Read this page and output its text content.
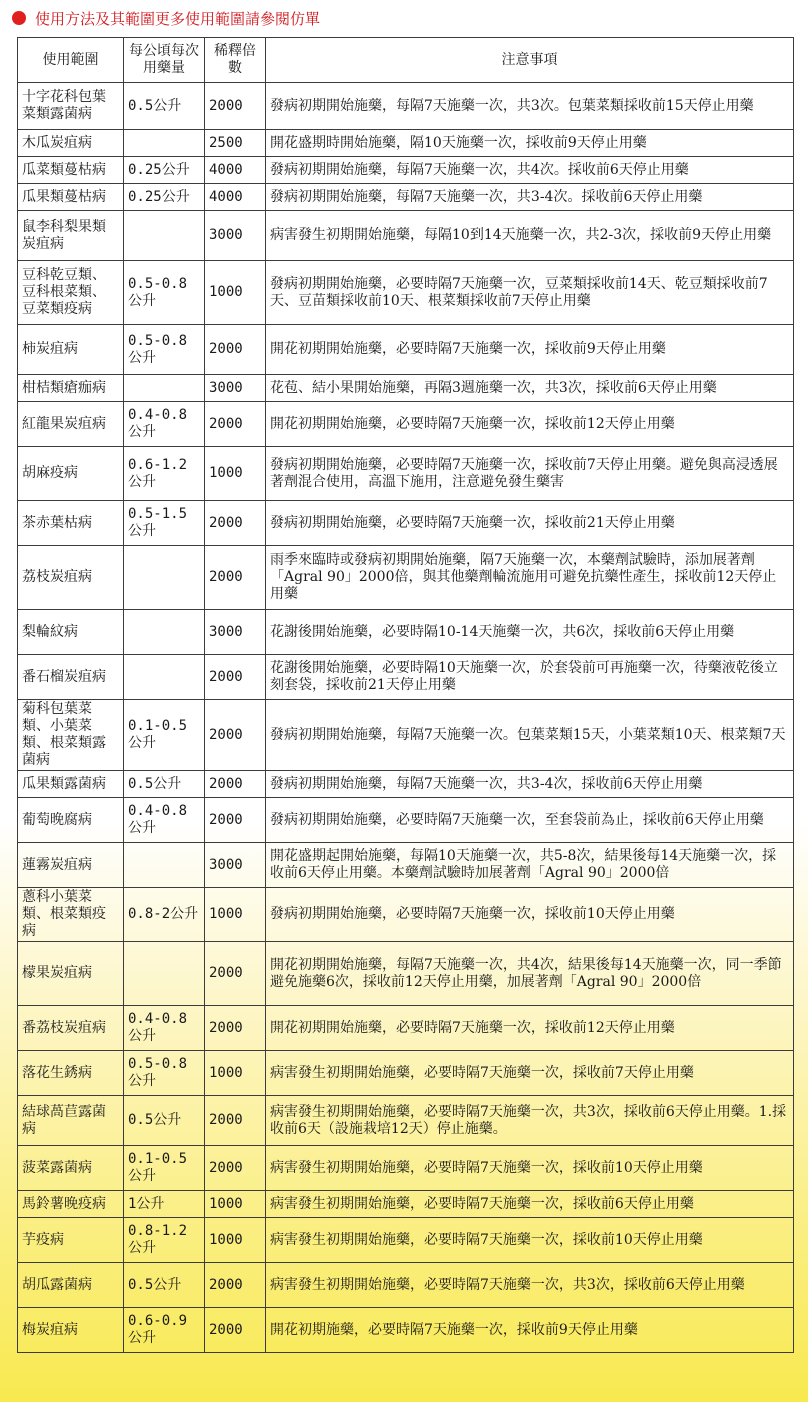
使用方法及其範圍更多使用範圍請參閱仿單
使用範圍	每公頃每次用藥量	稀釋倍數	注意事項
十字花科包葉菜類露菌病	0.5公升	2000	發病初期開始施藥，每隔7天施藥一次，共3次。包葉菜類採收前15天停止用藥
木瓜炭疽病		2500	開花盛期時開始施藥，隔10天施藥一次，採收前9天停止用藥
瓜菜類蔓枯病	0.25公升	4000	發病初期開始施藥，每隔7天施藥一次，共4次。採收前6天停止用藥
瓜果類蔓枯病	0.25公升	4000	發病初期開始施藥，每隔7天施藥一次，共3-4次。採收前6天停止用藥
鼠李科梨果類炭疽病		3000	病害發生初期開始施藥，每隔10到14天施藥一次，共2-3次，採收前9天停止用藥
豆科乾豆類、豆科根菜類、豆菜類疫病	0.5-0.8公升	1000	發病初期開始施藥，必要時隔7天施藥一次，豆菜類採收前14天、乾豆類採收前7天、豆苗類採收前10天、根菜類採收前7天停止用藥
柿炭疽病	0.5-0.8公升	2000	開花初期開始施藥，必要時隔7天施藥一次，採收前9天停止用藥
柑桔類瘡痂病		3000	花苞、結小果開始施藥，再隔3週施藥一次，共3次，採收前6天停止用藥
紅龍果炭疽病	0.4-0.8公升	2000	開花初期開始施藥，必要時隔7天施藥一次，採收前12天停止用藥
胡麻疫病	0.6-1.2公升	1000	發病初期開始施藥，必要時隔7天施藥一次，採收前7天停止用藥。避免與高浸透展著劑混合使用，高溫下施用，注意避免發生藥害
茶赤葉枯病	0.5-1.5公升	2000	發病初期開始施藥，必要時隔7天施藥一次，採收前21天停止用藥
荔枝炭疽病		2000	雨季來臨時或發病初期開始施藥，隔7天施藥一次，本藥劑試驗時，添加展著劑「Agral 90」2000倍，與其他藥劑輪流施用可避免抗藥性產生，採收前12天停止用藥
梨輪紋病		3000	花謝後開始施藥，必要時隔10-14天施藥一次，共6次，採收前6天停止用藥
番石榴炭疽病		2000	花謝後開始施藥，必要時隔10天施藥一次，於套袋前可再施藥一次，待藥液乾後立刻套袋，採收前21天停止用藥
菊科包葉菜類、小葉菜類、根菜類露菌病	0.1-0.5公升	2000	發病初期開始施藥，每隔7天施藥一次。包葉菜類15天，小葉菜類10天、根菜類7天
瓜果類露菌病	0.5公升	2000	發病初期開始施藥，每隔7天施藥一次，共3-4次，採收前6天停止用藥
葡萄晚腐病	0.4-0.8公升	2000	發病初期開始施藥，必要時隔7天施藥一次，至套袋前為止，採收前6天停止用藥
蓮霧炭疽病		3000	開花盛期起開始施藥，每隔10天施藥一次，共5-8次，結果後每14天施藥一次，採收前6天停止用藥。本藥劑試驗時加展著劑「Agral 90」2000倍
蔥科小葉菜類、根菜類疫病	0.8-2公升	1000	發病初期開始施藥，必要時隔7天施藥一次，採收前10天停止用藥
檬果炭疽病		2000	開花初期開始施藥，每隔7天施藥一次，共4次，結果後每14天施藥一次，同一季節避免施藥6次，採收前12天停止用藥，加展著劑「Agral 90」2000倍
番荔枝炭疽病	0.4-0.8公升	2000	開花初期開始施藥，必要時隔7天施藥一次，採收前12天停止用藥
落花生銹病	0.5-0.8公升	1000	病害發生初期開始施藥，必要時隔7天施藥一次，採收前7天停止用藥
結球萵苣露菌病	0.5公升	2000	病害發生初期開始施藥，必要時隔7天施藥一次，共3次，採收前6天停止用藥。1.採收前6天（設施栽培12天）停止施藥。
菠菜露菌病	0.1-0.5公升	2000	病害發生初期開始施藥，必要時隔7天施藥一次，採收前10天停止用藥
馬鈴薯晚疫病	1公升	1000	病害發生初期開始施藥，必要時隔7天施藥一次，採收前6天停止用藥
芋疫病	0.8-1.2公升	1000	病害發生初期開始施藥，必要時隔7天施藥一次，採收前10天停止用藥
胡瓜露菌病	0.5公升	2000	病害發生初期開始施藥，必要時隔7天施藥一次，共3次，採收前6天停止用藥
梅炭疽病	0.6-0.9公升	2000	開花初期施藥，必要時隔7天施藥一次，採收前9天停止用藥
